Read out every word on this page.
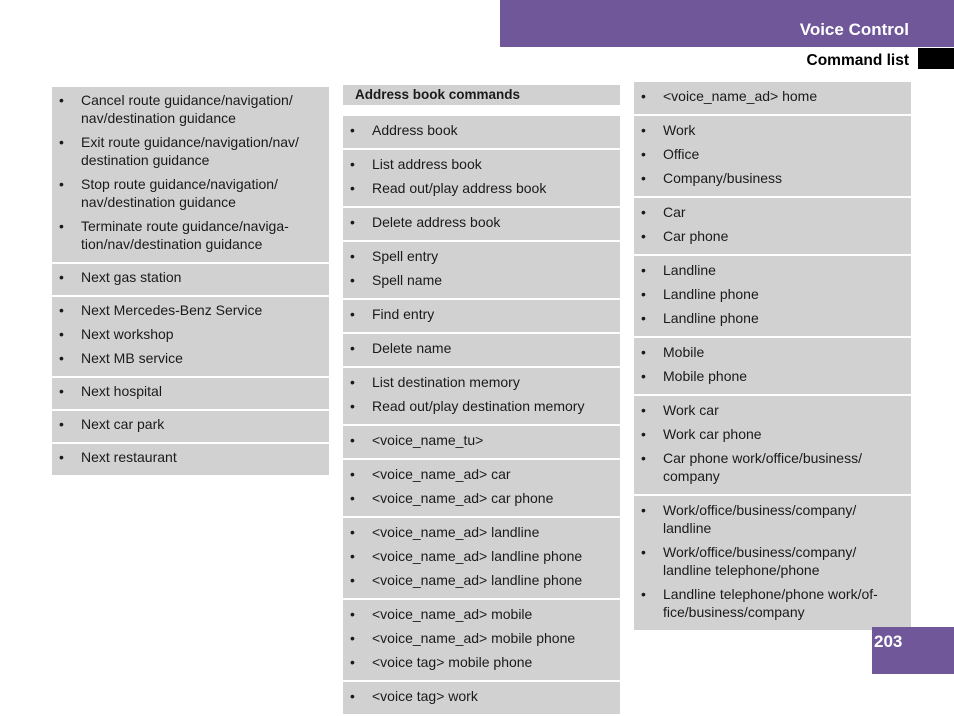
Voice Control
Command list
• Cancel route guidance/navigation/ nav/destination guidance
• Exit route guidance/navigation/nav/ destination guidance
• Stop route guidance/navigation/ nav/destination guidance
• Terminate route guidance/naviga- tion/nav/destination guidance
• Next gas station
• Next Mercedes-Benz Service
• Next workshop
• Next MB service
• Next hospital
• Next car park
• Next restaurant
Address book commands
• Address book
• List address book
• Read out/play address book
• Delete address book
• Spell entry
• Spell name
• Find entry
• Delete name
• List destination memory
• Read out/play destination memory
• <voice_name_tu>
• <voice_name_ad> car
• <voice_name_ad> car phone
• <voice_name_ad> landline
• <voice_name_ad> landline phone
• <voice_name_ad> landline phone
• <voice_name_ad> mobile
• <voice_name_ad> mobile phone
• <voice tag> mobile phone
• <voice tag> work
• <voice_name_ad> home
• Work
• Office
• Company/business
• Car
• Car phone
• Landline
• Landline phone
• Landline phone
• Mobile
• Mobile phone
• Work car
• Work car phone
• Car phone work/office/business/ company
• Work/office/business/company/ landline
• Work/office/business/company/ landline telephone/phone
• Landline telephone/phone work/of- fice/business/company
203
